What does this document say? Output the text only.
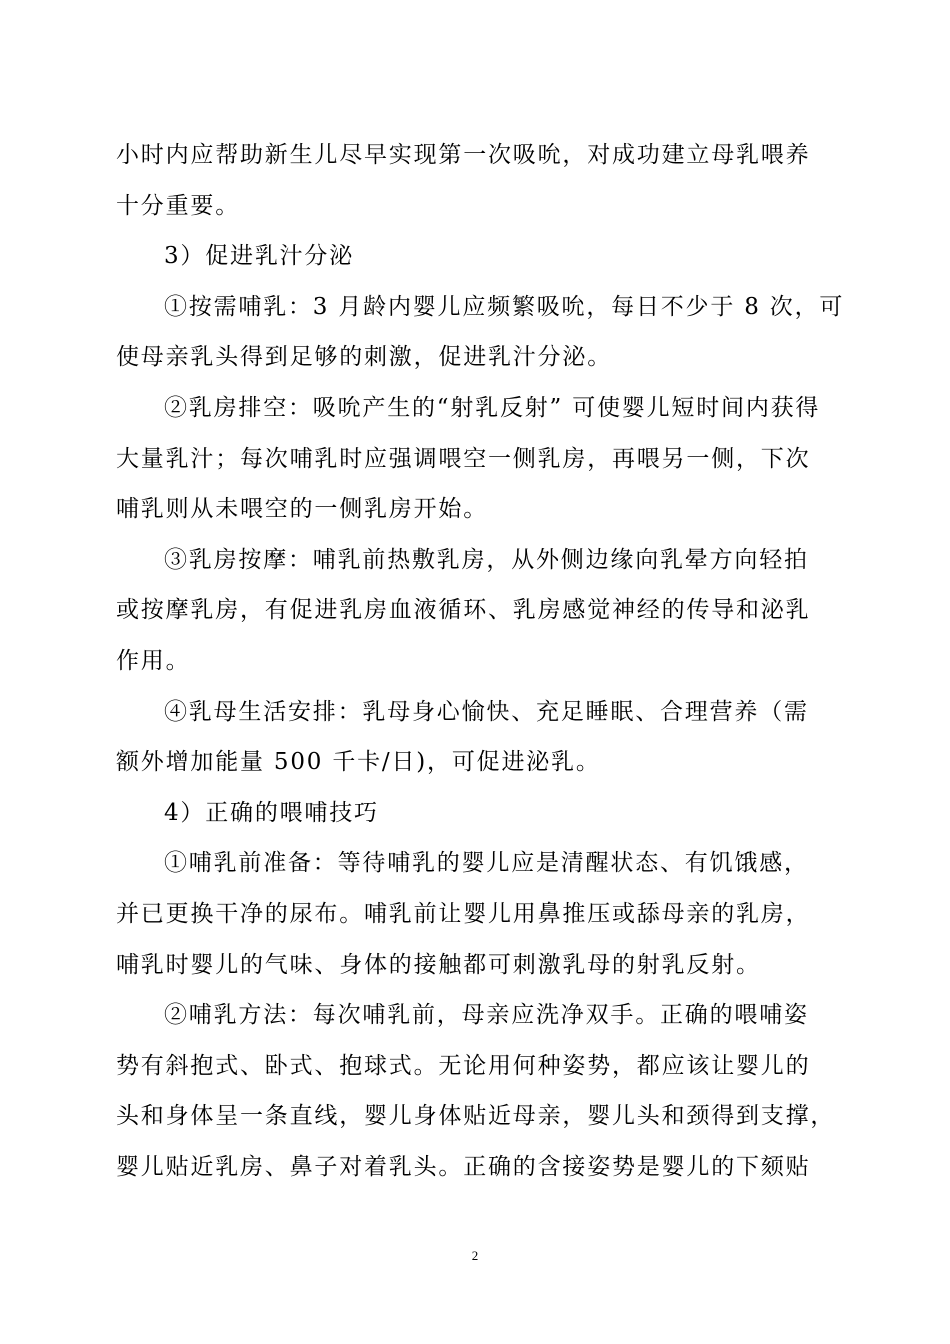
小时内应帮助新生儿尽早实现第一次吸吮，对成功建立母乳喂养
十分重要。
3）促进乳汁分泌
①按需哺乳：3 月龄内婴儿应频繁吸吮，每日不少于 8 次，可
使母亲乳头得到足够的刺激，促进乳汁分泌。
②乳房排空：吸吮产生的“射乳反射” 可使婴儿短时间内获得
大量乳汁；每次哺乳时应强调喂空一侧乳房，再喂另一侧，下次
哺乳则从未喂空的一侧乳房开始。
③乳房按摩：哺乳前热敷乳房，从外侧边缘向乳晕方向轻拍
或按摩乳房，有促进乳房血液循环、乳房感觉神经的传导和泌乳
作用。
④乳母生活安排：乳母身心愉快、充足睡眠、合理营养（需
额外增加能量 500 千卡/日)，可促进泌乳。
4）正确的喂哺技巧
①哺乳前准备：等待哺乳的婴儿应是清醒状态、有饥饿感，
并已更换干净的尿布。哺乳前让婴儿用鼻推压或舔母亲的乳房，
哺乳时婴儿的气味、身体的接触都可刺激乳母的射乳反射。
②哺乳方法：每次哺乳前，母亲应洗净双手。正确的喂哺姿
势有斜抱式、卧式、抱球式。无论用何种姿势，都应该让婴儿的
头和身体呈一条直线，婴儿身体贴近母亲，婴儿头和颈得到支撑，
婴儿贴近乳房、鼻子对着乳头。正确的含接姿势是婴儿的下颏贴
2
